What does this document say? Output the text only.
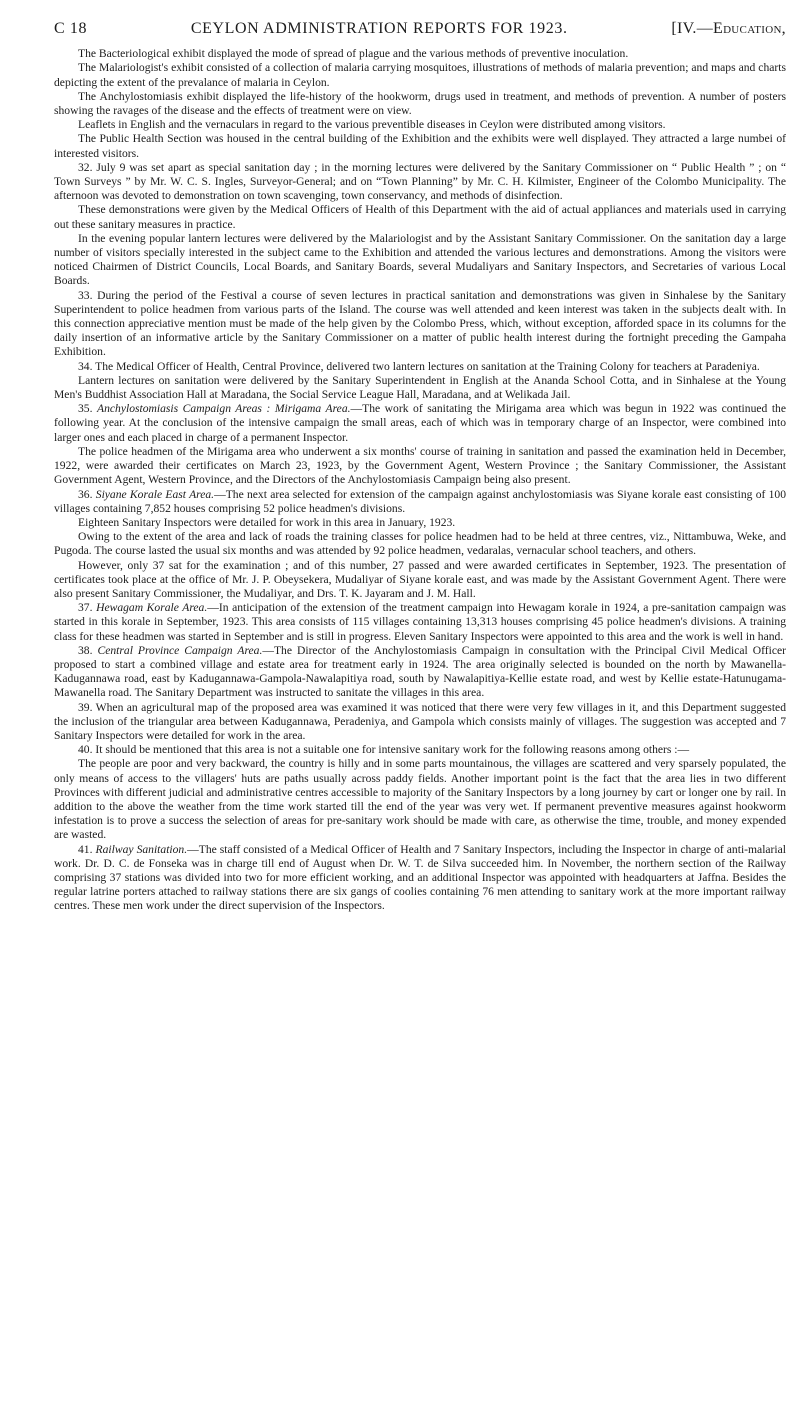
C 18	CEYLON ADMINISTRATION REPORTS FOR 1923.	[IV.—Education,

The Bacteriological exhibit displayed the mode of spread of plague and the various methods of preventive inoculation.

The Malariologist's exhibit consisted of a collection of malaria carrying mosquitoes, illustrations of methods of malaria prevention; and maps and charts depicting the extent of the prevalance of malaria in Ceylon.

The Anchylostomiasis exhibit displayed the life-history of the hookworm, drugs used in treatment, and methods of prevention. A number of posters showing the ravages of the disease and the effects of treatment were on view.

Leaflets in English and the vernaculars in regard to the various preventible diseases in Ceylon were distributed among visitors.

The Public Health Section was housed in the central building of the Exhibition and the exhibits were well displayed. They attracted a large numbei of interested visitors.

32. July 9 was set apart as special sanitation day ; in the morning lectures were delivered by the Sanitary Commissioner on “ Public Health ” ; on “ Town Surveys ” by Mr. W. C. S. Ingles, Surveyor-General; and on “Town Planning” by Mr. C. H. Kilmister, Engineer of the Colombo Municipality. The afternoon was devoted to demonstration on town scavenging, town conservancy, and methods of disinfection.

These demonstrations were given by the Medical Officers of Health of this Department with the aid of actual appliances and materials used in carrying out these sanitary measures in practice.

In the evening popular lantern lectures were delivered by the Malariologist and by the Assistant Sanitary Commissioner. On the sanitation day a large number of visitors specially interested in the subject came to the Exhibition and attended the various lectures and demonstrations. Among the visitors were noticed Chairmen of District Councils, Local Boards, and Sanitary Boards, several Mudaliyars and Sanitary Inspectors, and Secretaries of various Local Boards.

33. During the period of the Festival a course of seven lectures in practical sanitation and demonstrations was given in Sinhalese by the Sanitary Superintendent to police headmen from various parts of the Island. The course was well attended and keen interest was taken in the subjects dealt with. In this connection appreciative mention must be made of the help given by the Colombo Press, which, without exception, afforded space in its columns for the daily insertion of an informative article by the Sanitary Commissioner on a matter of public health interest during the fortnight preceding the Gampaha Exhibition.

34. The Medical Officer of Health, Central Province, delivered two lantern lectures on sanitation at the Training Colony for teachers at Paradeniya.

Lantern lectures on sanitation were delivered by the Sanitary Superintendent in English at the Ananda School Cotta, and in Sinhalese at the Young Men's Buddhist Association Hall at Maradana, the Social Service League Hall, Maradana, and at Welikada Jail.

35. Anchylostomiasis Campaign Areas : Mirigama Area.—The work of sanitating the Mirigama area which was begun in 1922 was continued the following year. At the conclusion of the intensive campaign the small areas, each of which was in temporary charge of an Inspector, were combined into larger ones and each placed in charge of a permanent Inspector.

The police headmen of the Mirigama area who underwent a six months' course of training in sanitation and passed the examination held in December, 1922, were awarded their certificates on March 23, 1923, by the Government Agent, Western Province ; the Sanitary Commissioner, the Assistant Government Agent, Western Province, and the Directors of the Anchylostomiasis Campaign being also present.

36. Siyane Korale East Area.—The next area selected for extension of the campaign against anchylostomiasis was Siyane korale east consisting of 100 villages containing 7,852 houses comprising 52 police headmen's divisions.

Eighteen Sanitary Inspectors were detailed for work in this area in January, 1923.

Owing to the extent of the area and lack of roads the training classes for police headmen had to be held at three centres, viz., Nittambuwa, Weke, and Pugoda. The course lasted the usual six months and was attended by 92 police headmen, vedaralas, vernacular school teachers, and others.

However, only 37 sat for the examination ; and of this number, 27 passed and were awarded certificates in September, 1923. The presentation of certificates took place at the office of Mr. J. P. Obeysekera, Mudaliyar of Siyane korale east, and was made by the Assistant Government Agent. There were also present Sanitary Commissioner, the Mudaliyar, and Drs. T. K. Jayaram and J. M. Hall.

37. Hewagam Korale Area.—In anticipation of the extension of the treatment campaign into Hewagam korale in 1924, a pre-sanitation campaign was started in this korale in September, 1923. This area consists of 115 villages containing 13,313 houses comprising 45 police headmen's divisions. A training class for these headmen was started in September and is still in progress. Eleven Sanitary Inspectors were appointed to this area and the work is well in hand.

38. Central Province Campaign Area.—The Director of the Anchylostomiasis Campaign in consultation with the Principal Civil Medical Officer proposed to start a combined village and estate area for treatment early in 1924. The area originally selected is bounded on the north by Mawanella-Kadugannawa road, east by Kadugannawa-Gampola-Nawalapitiya road, south by Nawalapitiya-Kellie estate road, and west by Kellie estate-Hatunugama-Mawanella road. The Sanitary Department was instructed to sanitate the villages in this area.

39. When an agricultural map of the proposed area was examined it was noticed that there were very few villages in it, and this Department suggested the inclusion of the triangular area between Kadugannawa, Peradeniya, and Gampola which consists mainly of villages. The suggestion was accepted and 7 Sanitary Inspectors were detailed for work in the area.

40. It should be mentioned that this area is not a suitable one for intensive sanitary work for the following reasons among others :—

The people are poor and very backward, the country is hilly and in some parts mountainous, the villages are scattered and very sparsely populated, the only means of access to the villagers' huts are paths usually across paddy fields. Another important point is the fact that the area lies in two different Provinces with different judicial and administrative centres accessible to majority of the Sanitary Inspectors by a long journey by cart or longer one by rail. In addition to the above the weather from the time work started till the end of the year was very wet. If permanent preventive measures against hookworm infestation is to prove a success the selection of areas for pre-sanitary work should be made with care, as otherwise the time, trouble, and money expended are wasted.

41. Railway Sanitation.—The staff consisted of a Medical Officer of Health and 7 Sanitary Inspectors, including the Inspector in charge of anti-malarial work. Dr. D. C. de Fonseka was in charge till end of August when Dr. W. T. de Silva succeeded him. In November, the northern section of the Railway comprising 37 stations was divided into two for more efficient working, and an additional Inspector was appointed with headquarters at Jaffna. Besides the regular latrine porters attached to railway stations there are six gangs of coolies containing 76 men attending to sanitary work at the more important railway centres. These men work under the direct supervision of the Inspectors.
